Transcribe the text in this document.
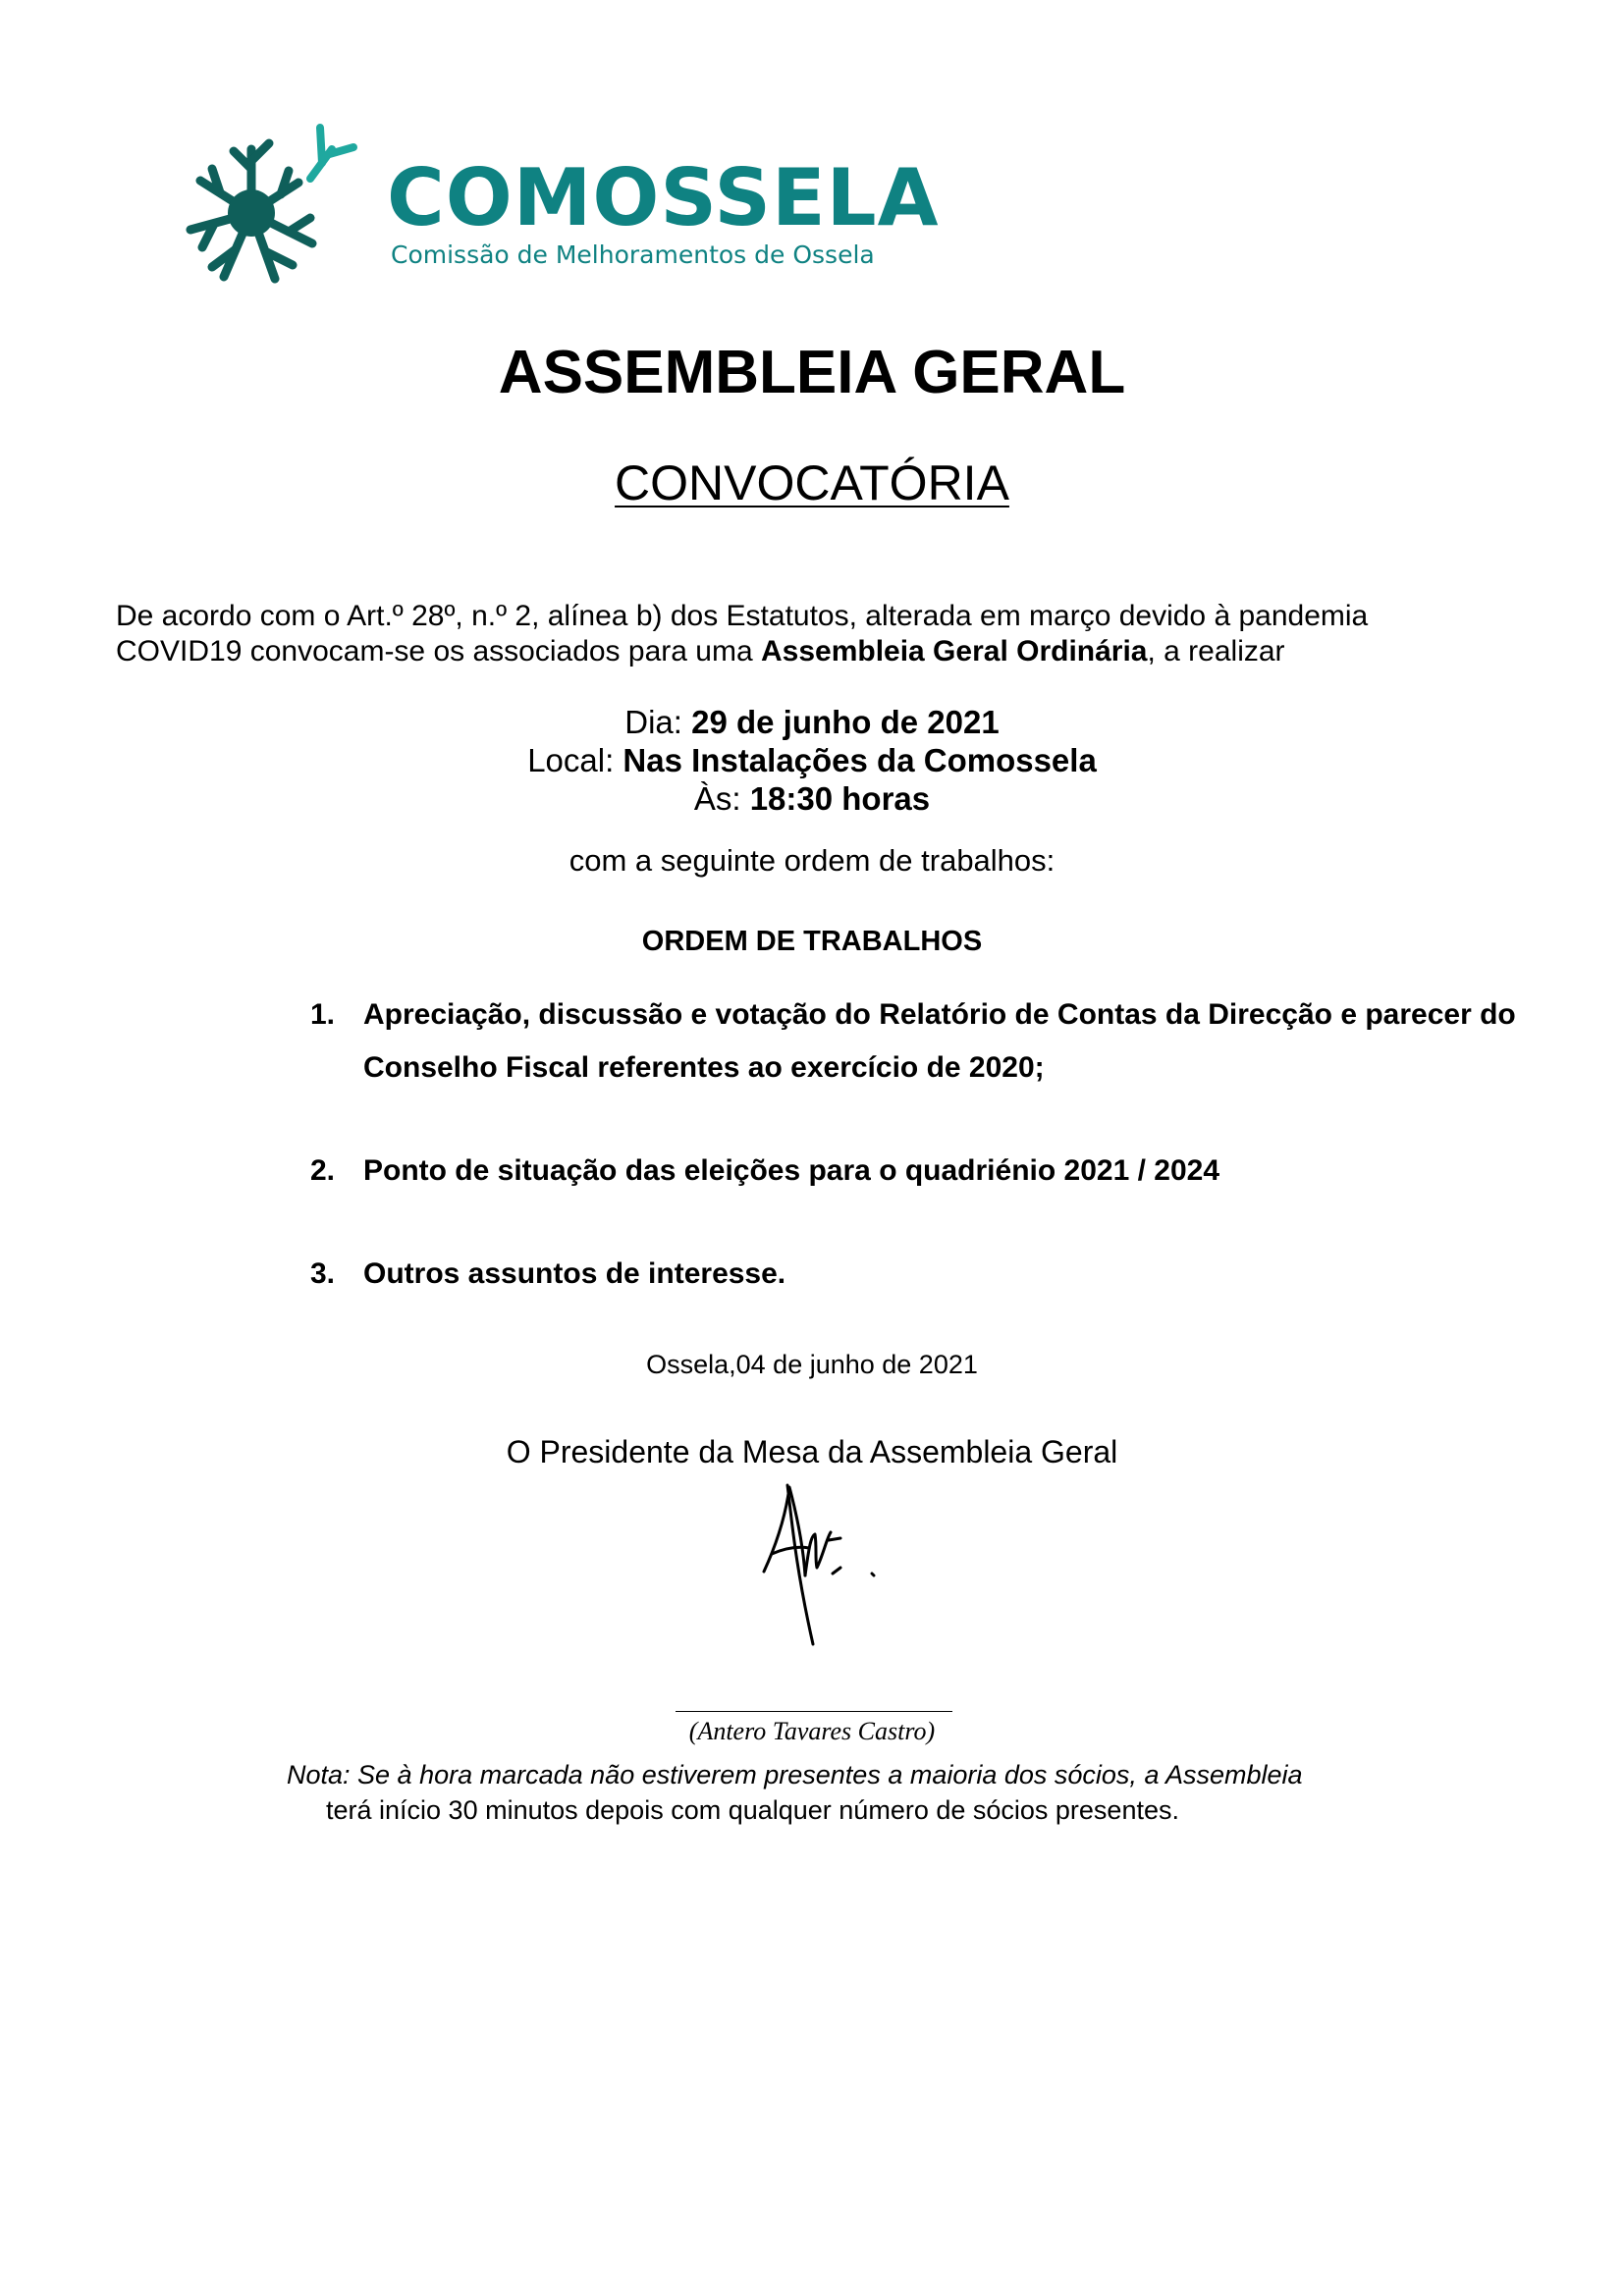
COMOSSELA
Comissão de Melhoramentos de Ossela
ASSEMBLEIA GERAL
CONVOCATÓRIA
De acordo com o Art.º 28º, n.º 2, alínea b) dos Estatutos, alterada em março devido à pandemia
COVID19 convocam-se os associados para uma Assembleia Geral Ordinária, a realizar
Dia: 29 de junho de 2021
Local: Nas Instalações da Comossela
Às: 18:30 horas
com a seguinte ordem de trabalhos:
ORDEM DE TRABALHOS
1. Apreciação, discussão e votação do Relatório de Contas da Direcção e parecer do Conselho Fiscal referentes ao exercício de 2020;
2. Ponto de situação das eleições para o quadriénio 2021 / 2024
3. Outros assuntos de interesse.
Ossela,04 de junho de 2021
O Presidente da Mesa da Assembleia Geral
(Antero Tavares Castro)
Nota: Se à hora marcada não estiverem presentes a maioria dos sócios, a Assembleia
terá início 30 minutos depois com qualquer número de sócios presentes.
